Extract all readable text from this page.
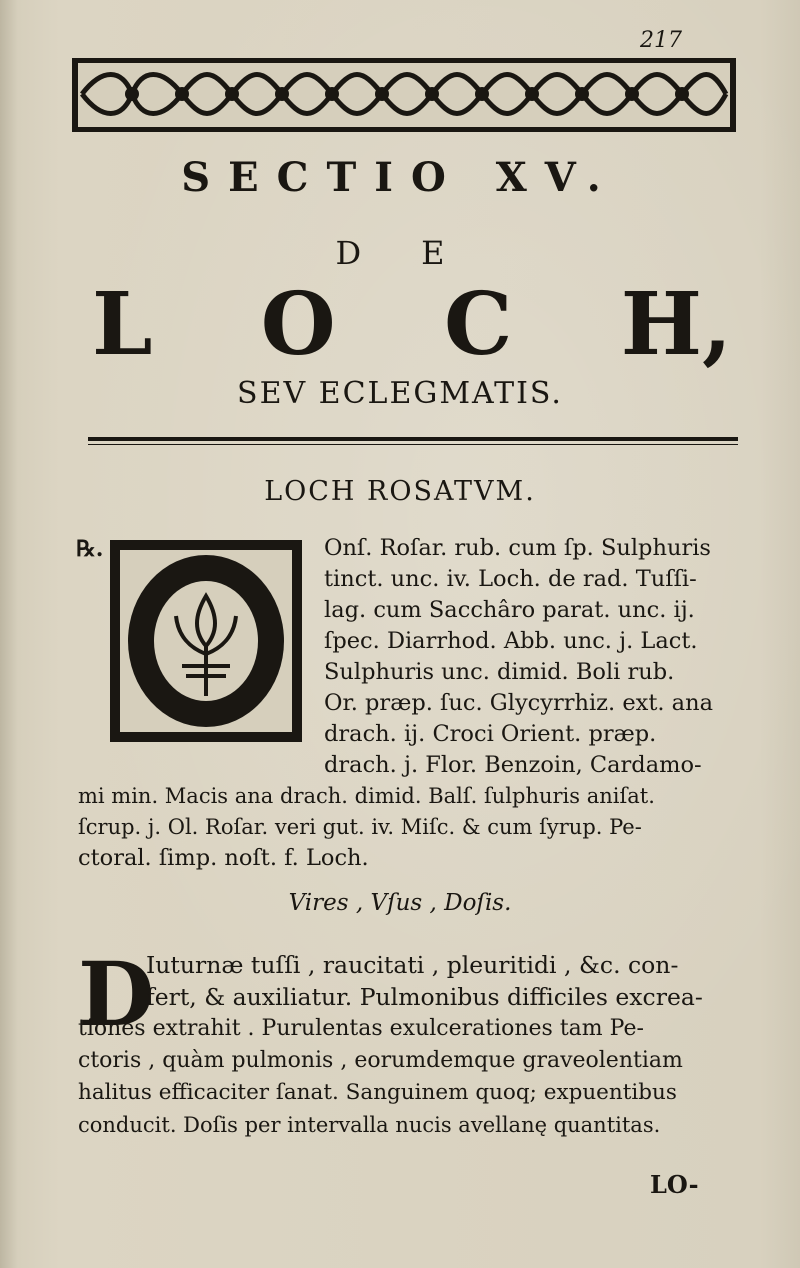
217
SECTIO XV.
DE
L O C H,
SEV ECLEGMATIS.
LOCH ROSATVM.
℞.	Onſ. Roſar. rub. cum ſp. Sulphuris
tinct. unc. iv. Loch. de rad. Tuſſi-
lag. cum Sacchâro parat. unc. ij.
ſpec. Diarrhod. Abb. unc. j. Lact.
Sulphuris unc. dimid. Boli rub.
Or. præp. ſuc. Glycyrrhiz. ext. ana
drach. ij. Croci Orient. præp.
drach. j. Flor. Benzoin, Cardamo-
mi min. Macis ana drach. dimid. Balſ. ſulphuris aniſat.
ſcrup. j. Ol. Roſar. veri gut. iv. Miſc. & cum ſyrup. Pe-
ctoral. ſimp. noſt. f. Loch.
Vires , Vſus , Doſis.
D
Iuturnæ tuſſi , raucitati , pleuritidi , &c. con-
fert, & auxiliatur. Pulmonibus difficiles excrea-
tiones extrahit . Purulentas exulcerationes tam Pe-
ctoris , quàm pulmonis , eorumdemque graveolentiam
halitus efficaciter ſanat. Sanguinem quoq; expuentibus
conducit. Doſis per intervalla nucis avellanę quantitas.
LO-
